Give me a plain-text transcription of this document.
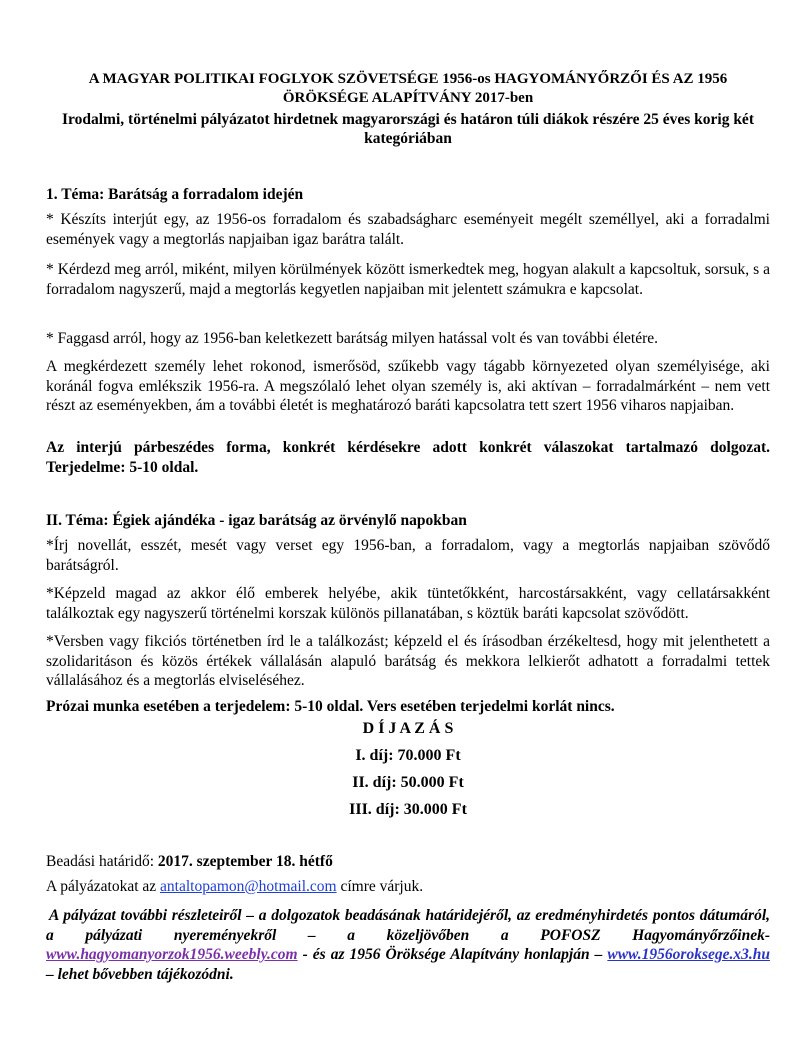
A MAGYAR POLITIKAI FOGLYOK SZÖVETSÉGE 1956-os HAGYOMÁNYŐRZŐI ÉS AZ 1956 ÖRÖKSÉGE ALAPÍTVÁNY 2017-ben
Irodalmi, történelmi pályázatot hirdetnek magyarországi és határon túli diákok részére 25 éves korig két kategóriában
1. Téma: Barátság a forradalom idején
* Készíts interjút egy, az 1956-os forradalom és szabadságharc eseményeit megélt személlyel, aki a forradalmi események vagy a megtorlás napjaiban igaz barátra talált.
* Kérdezd meg arról, miként, milyen körülmények között ismerkedtek meg, hogyan alakult a kapcsoltuk, sorsuk, s a forradalom nagyszerű, majd a megtorlás kegyetlen napjaiban mit jelentett számukra e kapcsolat.
* Faggasd arról, hogy az 1956-ban keletkezett barátság milyen hatással volt és van további életére.
A megkérdezett személy lehet rokonod, ismerősöd, szűkebb vagy tágabb környezeted olyan személyisége, aki koránál fogva emlékszik 1956-ra. A megszólaló lehet olyan személy is, aki aktívan – forradalmárként – nem vett részt az eseményekben, ám a további életét is meghatározó baráti kapcsolatra tett szert 1956 viharos napjaiban.
Az interjú párbeszédes forma, konkrét kérdésekre adott konkrét válaszokat tartalmazó dolgozat. Terjedelme: 5-10 oldal.
II. Téma: Égiek ajándéka - igaz barátság az örvénylő napokban
*Írj novellát, esszét, mesét vagy verset egy 1956-ban, a forradalom, vagy a megtorlás napjaiban szövődő barátságról.
*Képzeld magad az akkor élő emberek helyébe, akik tüntetőkként, harcostársakként, vagy cellatársakként találkoztak egy nagyszerű történelmi korszak különös pillanatában, s köztük baráti kapcsolat szövődött.
*Versben vagy fikciós történetben írd le a találkozást; képzeld el és írásodban érzékeltesd, hogy mit jelenthetett a szolidaritáson és közös értékek vállalásán alapuló barátság és mekkora lelkierőt adhatott a forradalmi tettek vállalásához és a megtorlás elviseléséhez.
Prózai munka esetében a terjedelem: 5-10 oldal. Vers esetében terjedelmi korlát nincs.
D Í J A Z Á S
I. díj: 70.000 Ft
II. díj: 50.000 Ft
III. díj: 30.000 Ft
Beadási határidő: 2017. szeptember 18. hétfő
A pályázatokat az antaltopamon@hotmail.com címre várjuk.
A pályázat további részleteiről – a dolgozatok beadásának határidejéről, az eredményhirdetés pontos dátumáról, a pályázati nyereményekről – a közeljövőben a POFOSZ Hagyományőrzőinek- www.hagyomanyorzok1956.weebly.com - és az 1956 Öröksége Alapítvány honlapján – www.1956oroksege.x3.hu – lehet bővebben tájékozódni.
